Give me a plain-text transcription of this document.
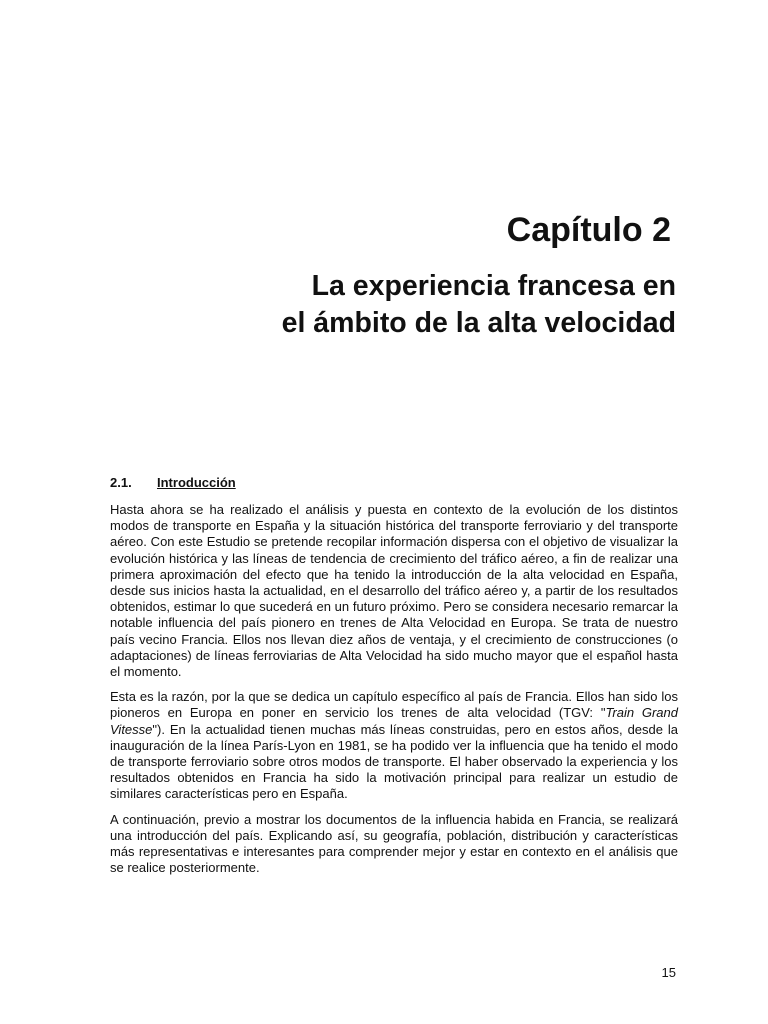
Capítulo 2
La experiencia francesa en
el ámbito de la alta velocidad
2.1. Introducción

Hasta ahora se ha realizado el análisis y puesta en contexto de la evolución de los distintos modos de transporte en España y la situación histórica del transporte ferroviario y del transporte aéreo. Con este Estudio se pretende recopilar información dispersa con el objetivo de visualizar la evolución histórica y las líneas de tendencia de crecimiento del tráfico aéreo, a fin de realizar una primera aproximación del efecto que ha tenido la introducción de la alta velocidad en España, desde sus inicios hasta la actualidad, en el desarrollo del tráfico aéreo y, a partir de los resultados obtenidos, estimar lo que sucederá en un futuro próximo. Pero se considera necesario remarcar la notable influencia del país pionero en trenes de Alta Velocidad en Europa. Se trata de nuestro país vecino Francia. Ellos nos llevan diez años de ventaja, y el crecimiento de construcciones (o adaptaciones) de líneas ferroviarias de Alta Velocidad ha sido mucho mayor que el español hasta el momento.

Esta es la razón, por la que se dedica un capítulo específico al país de Francia. Ellos han sido los pioneros en Europa en poner en servicio los trenes de alta velocidad (TGV: "Train Grand Vitesse"). En la actualidad tienen muchas más líneas construidas, pero en estos años, desde la inauguración de la línea París-Lyon en 1981, se ha podido ver la influencia que ha tenido el modo de transporte ferroviario sobre otros modos de transporte. El haber observado la experiencia y los resultados obtenidos en Francia ha sido la motivación principal para realizar un estudio de similares características pero en España.

A continuación, previo a mostrar los documentos de la influencia habida en Francia, se realizará una introducción del país. Explicando así, su geografía, población, distribución y características más representativas e interesantes para comprender mejor y estar en contexto en el análisis que se realice posteriormente.

15
